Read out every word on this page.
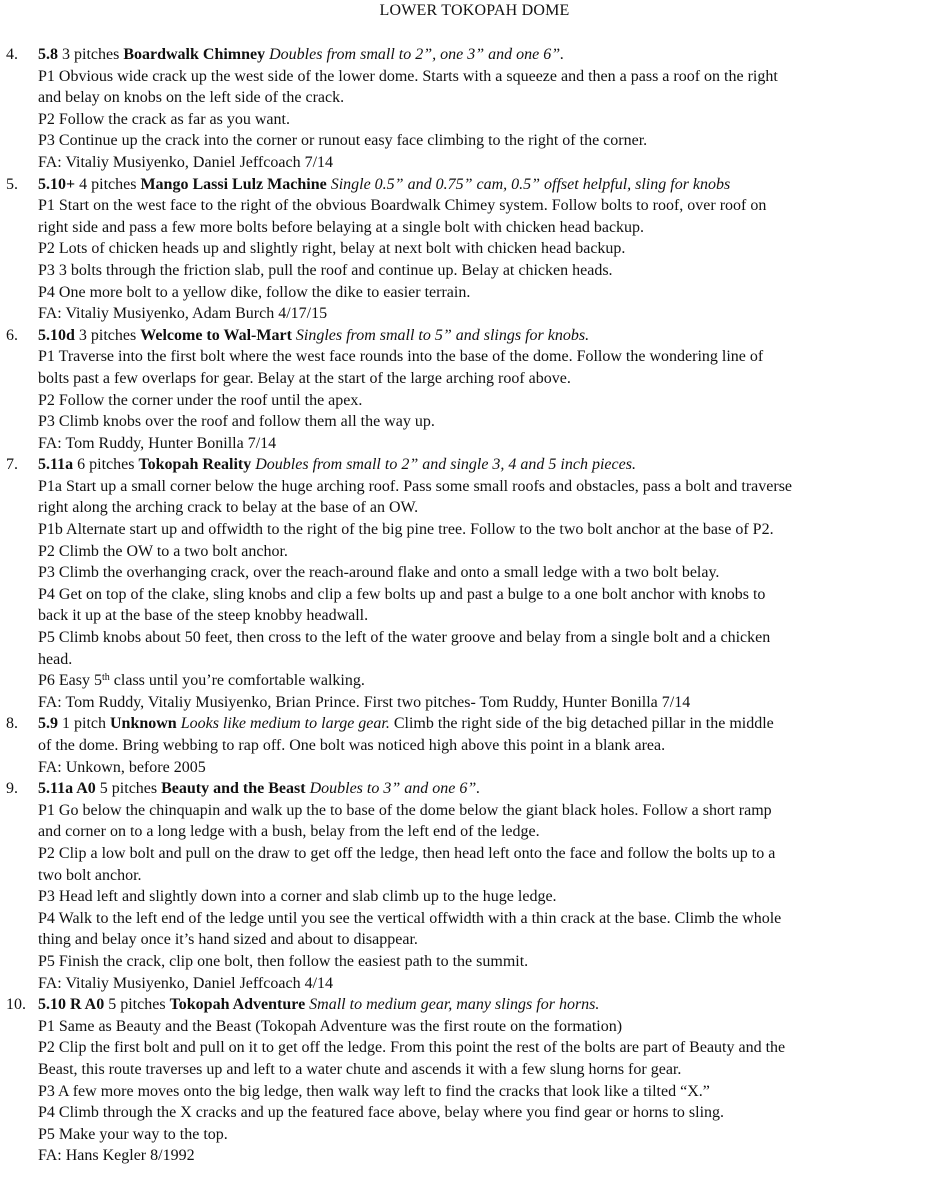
LOWER TOKOPAH DOME
4.	5.8 3 pitches Boardwalk Chimney Doubles from small to 2”, one 3” and one 6”.
P1 Obvious wide crack up the west side of the lower dome. Starts with a squeeze and then a pass a roof on the right
and belay on knobs on the left side of the crack.
P2 Follow the crack as far as you want.
P3 Continue up the crack into the corner or runout easy face climbing to the right of the corner.
FA: Vitaliy Musiyenko, Daniel Jeffcoach 7/14
5.	5.10+ 4 pitches Mango Lassi Lulz Machine Single 0.5” and 0.75” cam, 0.5” offset helpful, sling for knobs
P1 Start on the west face to the right of the obvious Boardwalk Chimey system. Follow bolts to roof, over roof on
right side and pass a few more bolts before belaying at a single bolt with chicken head backup.
P2 Lots of chicken heads up and slightly right, belay at next bolt with chicken head backup.
P3 3 bolts through the friction slab, pull the roof and continue up. Belay at chicken heads.
P4 One more bolt to a yellow dike, follow the dike to easier terrain.
FA: Vitaliy Musiyenko, Adam Burch 4/17/15
6.	5.10d 3 pitches Welcome to Wal-Mart Singles from small to 5” and slings for knobs.
P1 Traverse into the first bolt where the west face rounds into the base of the dome. Follow the wondering line of
bolts past a few overlaps for gear. Belay at the start of the large arching roof above.
P2 Follow the corner under the roof until the apex.
P3 Climb knobs over the roof and follow them all the way up.
FA: Tom Ruddy, Hunter Bonilla 7/14
7.	5.11a 6 pitches Tokopah Reality Doubles from small to 2” and single 3, 4 and 5 inch pieces.
P1a Start up a small corner below the huge arching roof. Pass some small roofs and obstacles, pass a bolt and traverse
right along the arching crack to belay at the base of an OW.
P1b Alternate start up and offwidth to the right of the big pine tree. Follow to the two bolt anchor at the base of P2.
P2 Climb the OW to a two bolt anchor.
P3 Climb the overhanging crack, over the reach-around flake and onto a small ledge with a two bolt belay.
P4 Get on top of the clake, sling knobs and clip a few bolts up and past a bulge to a one bolt anchor with knobs to
back it up at the base of the steep knobby headwall.
P5 Climb knobs about 50 feet, then cross to the left of the water groove and belay from a single bolt and a chicken
head.
P6 Easy 5th class until you’re comfortable walking.
FA: Tom Ruddy, Vitaliy Musiyenko, Brian Prince. First two pitches- Tom Ruddy, Hunter Bonilla 7/14
8.	5.9 1 pitch Unknown Looks like medium to large gear. Climb the right side of the big detached pillar in the middle
of the dome. Bring webbing to rap off. One bolt was noticed high above this point in a blank area.
FA: Unkown, before 2005
9.	5.11a A0 5 pitches Beauty and the Beast Doubles to 3” and one 6”.
P1 Go below the chinquapin and walk up the to base of the dome below the giant black holes. Follow a short ramp
and corner on to a long ledge with a bush, belay from the left end of the ledge.
P2 Clip a low bolt and pull on the draw to get off the ledge, then head left onto the face and follow the bolts up to a
two bolt anchor.
P3 Head left and slightly down into a corner and slab climb up to the huge ledge.
P4 Walk to the left end of the ledge until you see the vertical offwidth with a thin crack at the base. Climb the whole
thing and belay once it’s hand sized and about to disappear.
P5 Finish the crack, clip one bolt, then follow the easiest path to the summit.
FA: Vitaliy Musiyenko, Daniel Jeffcoach 4/14
10. 5.10 R A0 5 pitches Tokopah Adventure Small to medium gear, many slings for horns.
P1 Same as Beauty and the Beast (Tokopah Adventure was the first route on the formation)
P2 Clip the first bolt and pull on it to get off the ledge. From this point the rest of the bolts are part of Beauty and the
Beast, this route traverses up and left to a water chute and ascends it with a few slung horns for gear.
P3 A few more moves onto the big ledge, then walk way left to find the cracks that look like a tilted “X.”
P4 Climb through the X cracks and up the featured face above, belay where you find gear or horns to sling.
P5 Make your way to the top.
FA: Hans Kegler 8/1992
